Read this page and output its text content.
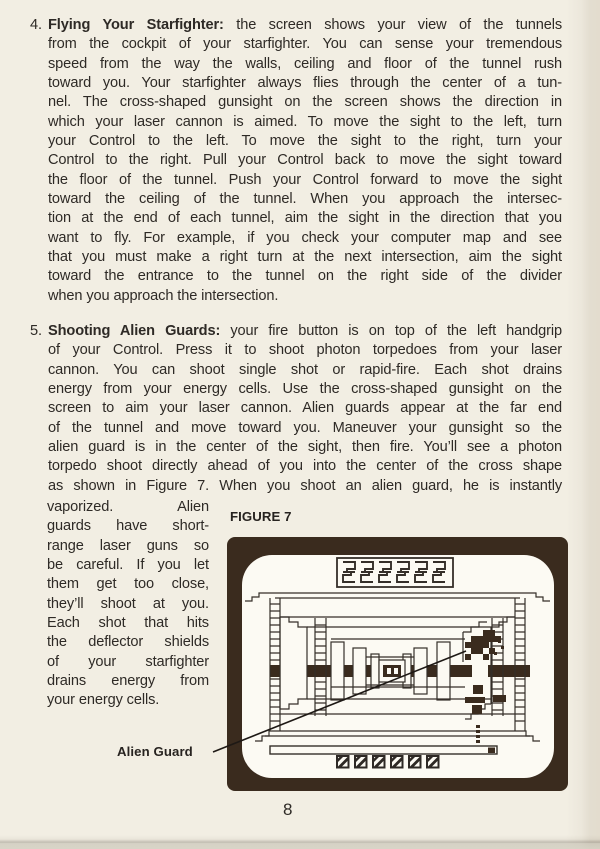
4. Flying Your Starfighter: the screen shows your view of the tunnels
from the cockpit of your starfighter. You can sense your tremendous
speed from the way the walls, ceiling and floor of the tunnel rush
toward you. Your starfighter always flies through the center of a tun-
nel. The cross-shaped gunsight on the screen shows the direction in
which your laser cannon is aimed. To move the sight to the left, turn
your Control to the left. To move the sight to the right, turn your
Control to the right. Pull your Control back to move the sight toward
the floor of the tunnel. Push your Control forward to move the sight
toward the ceiling of the tunnel. When you approach the intersec-
tion at the end of each tunnel, aim the sight in the direction that you
want to fly. For example, if you check your computer map and see
that you must make a right turn at the next intersection, aim the sight
toward the entrance to the tunnel on the right side of the divider
when you approach the intersection.
5. Shooting Alien Guards: your fire button is on top of the left handgrip
of your Control. Press it to shoot photon torpedoes from your laser
cannon. You can shoot single shot or rapid-fire. Each shot drains
energy from your energy cells. Use the cross-shaped gunsight on the
screen to aim your laser cannon. Alien guards appear at the far end
of the tunnel and move toward you. Maneuver your gunsight so the
alien guard is in the center of the sight, then fire. You’ll see a photon
torpedo shoot directly ahead of you into the center of the cross shape
as shown in Figure 7. When you shoot an alien guard, he is instantly
vaporized. Alien
guards have short-
range laser guns so
be careful. If you let
them get too close,
they’ll shoot at you.
Each shot that hits
the deflector shields
of your starfighter
drains energy from
your energy cells.
FIGURE 7
Alien Guard
8
